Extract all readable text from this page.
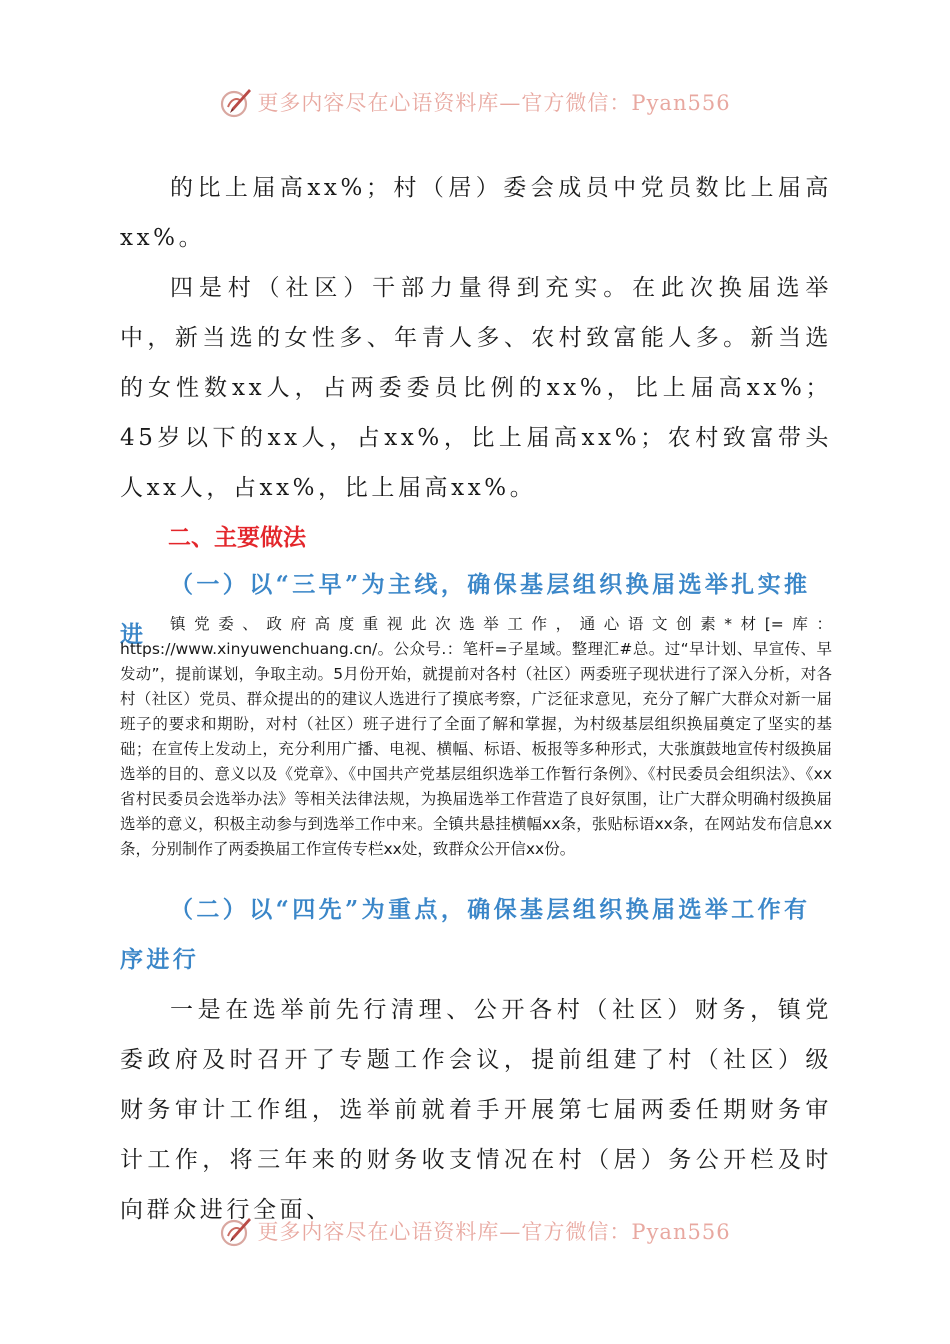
更多内容尽在心语资料库—官方微信：Pyan556

的比上届高xx%；村（居）委会成员中党员数比上届高xx%。

四是村（社区）干部力量得到充实。在此次换届选举中，新当选的女性多、年青人多、农村致富能人多。新当选的女性数xx人，占两委委员比例的xx%，比上届高xx%；45岁以下的xx人，占xx%，比上届高xx%；农村致富带头人xx人，占xx%，比上届高xx%。

二、主要做法
（一）以“三早”为主线，确保基层组织换届选举扎实推进	镇党委、政府高度重视此次选举工作，通心语文创素*材[=库：https://www.xinyuwenchuang.cn/。公众号.：笔杆=子星域。整理汇#总。过“早计划、早宣传、早发动”，提前谋划，争取主动。5月份开始，就提前对各村（社区）两委班子现状进行了深入分析，对各村（社区）党员、群众提出的的建议人选进行了摸底考察，广泛征求意见，充分了解广大群众对新一届班子的要求和期盼，对村（社区）班子进行了全面了解和掌握，为村级基层组织换届奠定了坚实的基础；在宣传上发动上，充分利用广播、电视、横幅、标语、板报等多种形式，大张旗鼓地宣传村级换届选举的目的、意义以及《党章》、《中国共产党基层组织选举工作暂行条例》、《村民委员会组织法》、《xx省村民委员会选举办法》等相关法律法规，为换届选举工作营造了良好氛围，让广大群众明确村级换届选举的意义，积极主动参与到选举工作中来。全镇共悬挂横幅xx条，张贴标语xx条，在网站发布信息xx条，分别制作了两委换届工作宣传专栏xx处，致群众公开信xx份。

（二）以“四先”为重点，确保基层组织换届选举工作有序进行

一是在选举前先行清理、公开各村（社区）财务，镇党委政府及时召开了专题工作会议，提前组建了村（社区）级财务审计工作组，选举前就着手开展第七届两委任期财务审计工作，将三年来的财务收支情况在村（居）务公开栏及时向群众进行全面、

更多内容尽在心语资料库—官方微信：Pyan556
